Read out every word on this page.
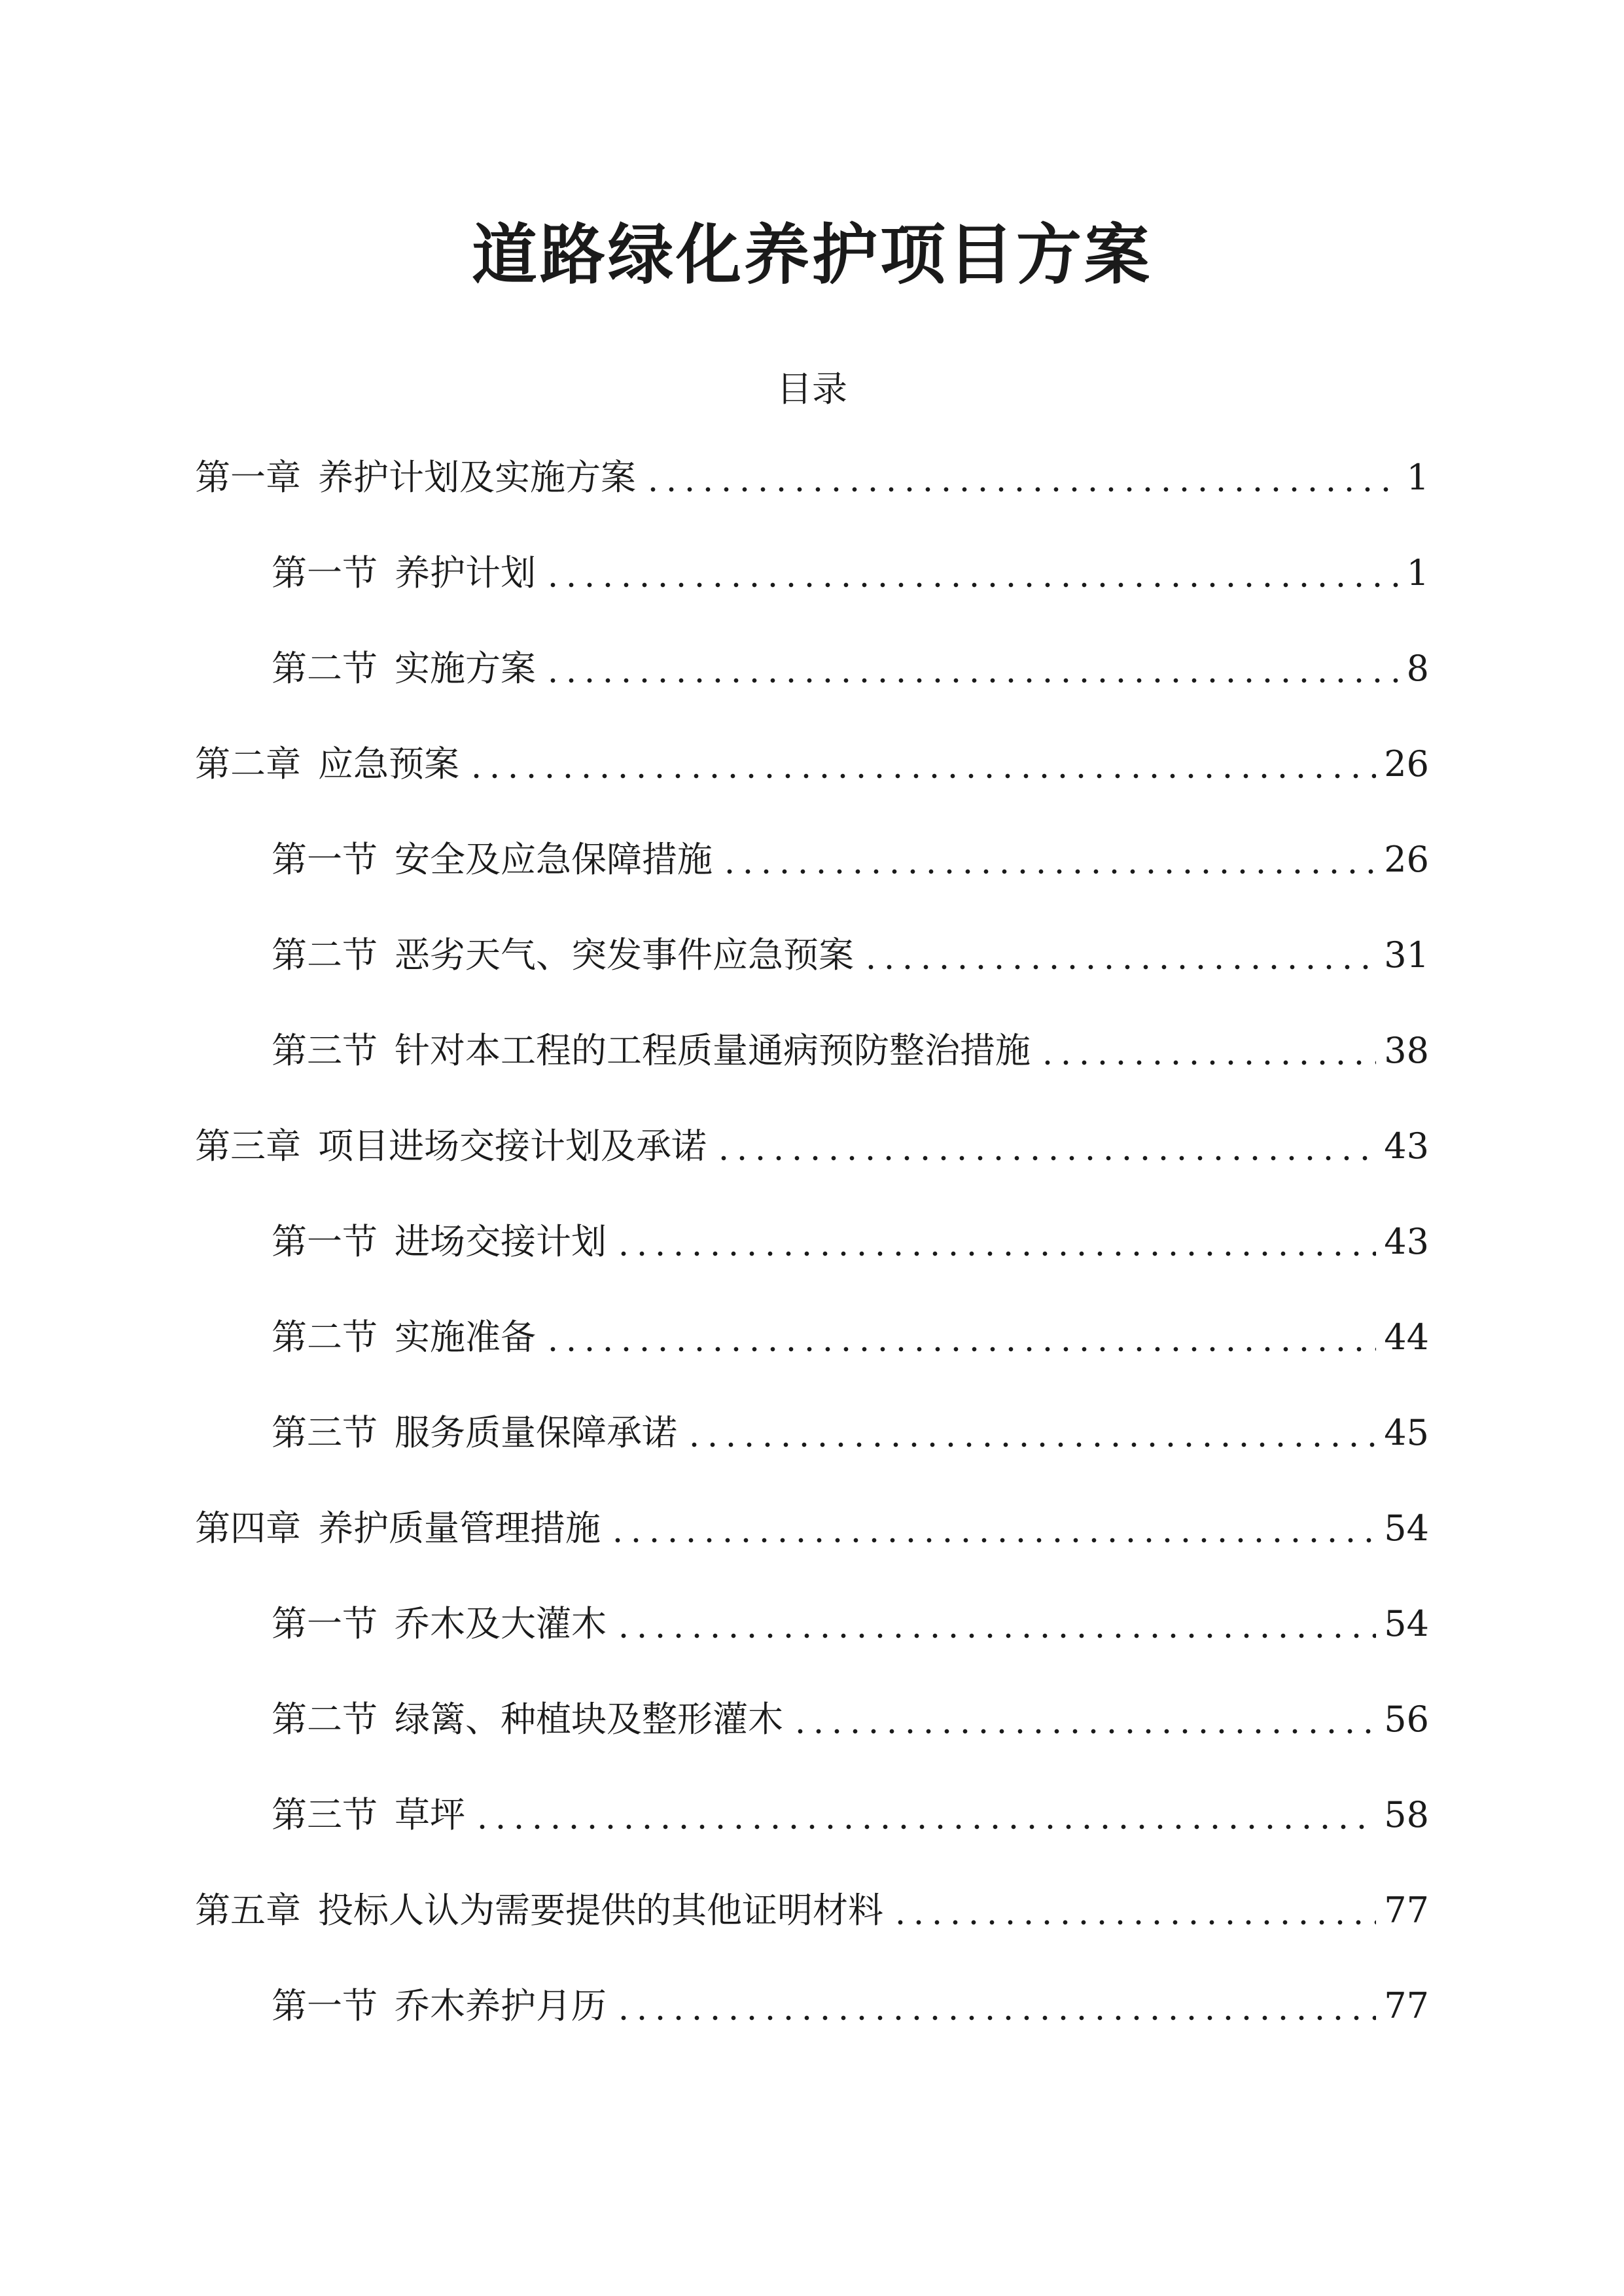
道路绿化养护项目方案
目录
第一章 养护计划及实施方案	1
第一节 养护计划	1
第二节 实施方案	8
第二章 应急预案	26
第一节 安全及应急保障措施	26
第二节 恶劣天气、突发事件应急预案	31
第三节 针对本工程的工程质量通病预防整治措施	38
第三章 项目进场交接计划及承诺	43
第一节 进场交接计划	43
第二节 实施准备	44
第三节 服务质量保障承诺	45
第四章 养护质量管理措施	54
第一节 乔木及大灌木	54
第二节 绿篱、种植块及整形灌木	56
第三节 草坪	58
第五章 投标人认为需要提供的其他证明材料	77
第一节 乔木养护月历	77
